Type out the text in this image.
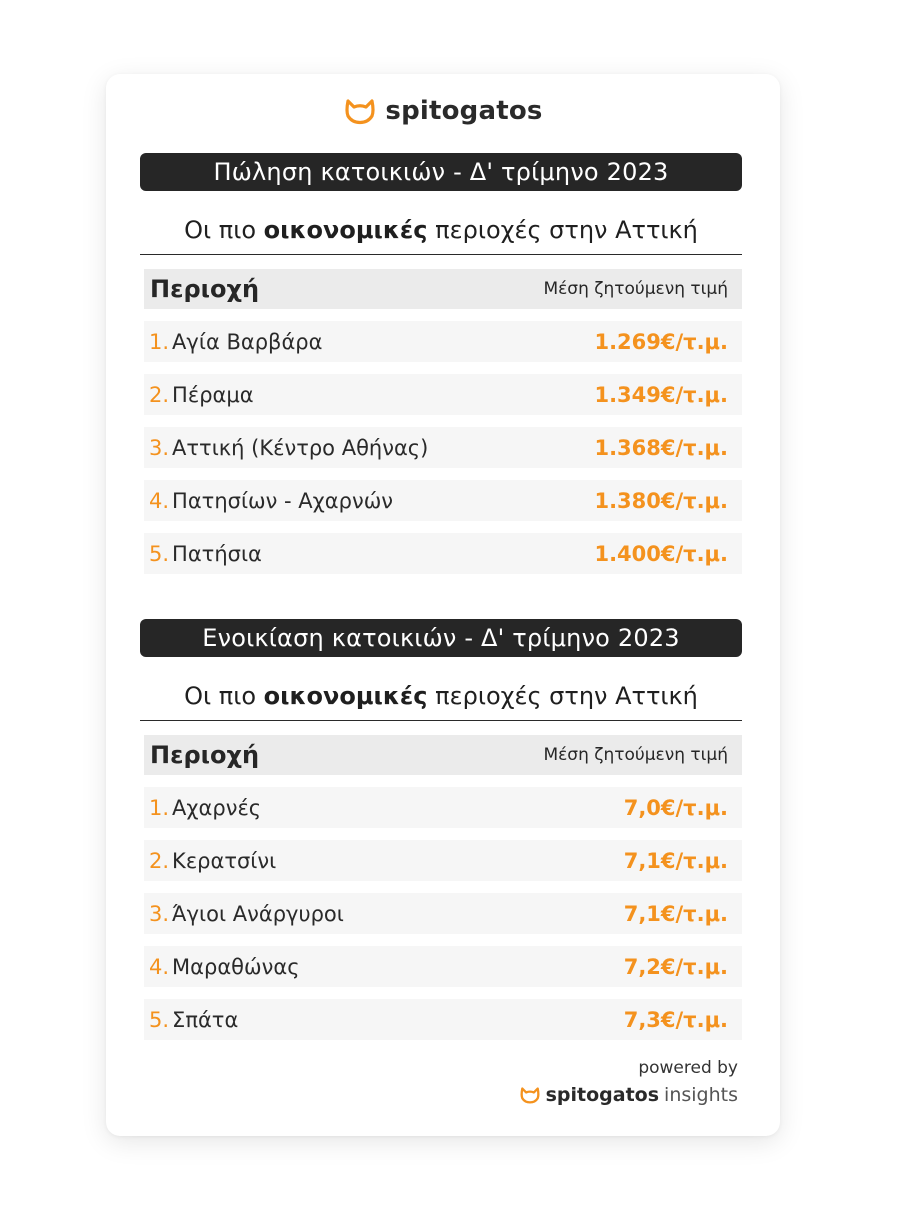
spitogatos
Πώληση κατοικιών - Δ' τρίμηνο 2023
Οι πιο οικονομικές περιοχές στην Αττική
Περιοχή	Μέση ζητούμενη τιμή
1. Αγία Βαρβάρα	1.269€/τ.μ.
2. Πέραμα	1.349€/τ.μ.
3. Αττική (Κέντρο Αθήνας)	1.368€/τ.μ.
4. Πατησίων - Αχαρνών	1.380€/τ.μ.
5. Πατήσια	1.400€/τ.μ.
Ενοικίαση κατοικιών - Δ' τρίμηνο 2023
Οι πιο οικονομικές περιοχές στην Αττική
Περιοχή	Μέση ζητούμενη τιμή
1. Αχαρνές	7,0€/τ.μ.
2. Κερατσίνι	7,1€/τ.μ.
3. Άγιοι Ανάργυροι	7,1€/τ.μ.
4. Μαραθώνας	7,2€/τ.μ.
5. Σπάτα	7,3€/τ.μ.
powered by
spitogatos insights
